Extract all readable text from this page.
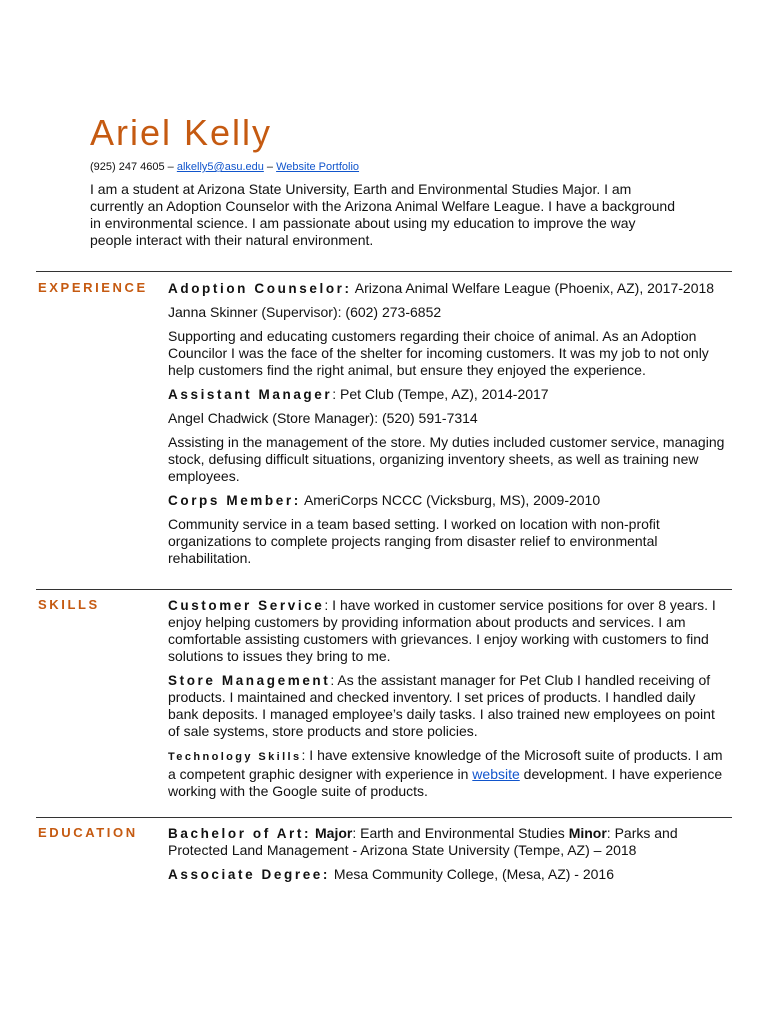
Ariel Kelly
(925) 247 4605 – alkelly5@asu.edu – Website Portfolio

I am a student at Arizona State University, Earth and Environmental Studies Major. I am currently an Adoption Counselor with the Arizona Animal Welfare League. I have a background in environmental science. I am passionate about using my education to improve the way people interact with their natural environment.

EXPERIENCE Adoption Counselor: Arizona Animal Welfare League (Phoenix, AZ), 2017-2018

Janna Skinner (Supervisor): (602) 273-6852

Supporting and educating customers regarding their choice of animal. As an Adoption Councilor I was the face of the shelter for incoming customers. It was my job to not only help customers find the right animal, but ensure they enjoyed the experience.

Assistant Manager: Pet Club (Tempe, AZ), 2014-2017

Angel Chadwick (Store Manager): (520) 591-7314

Assisting in the management of the store. My duties included customer service, managing stock, defusing difficult situations, organizing inventory sheets, as well as training new employees.

Corps Member: AmeriCorps NCCC (Vicksburg, MS), 2009-2010

Community service in a team based setting. I worked on location with non-profit organizations to complete projects ranging from disaster relief to environmental rehabilitation.

SKILLS	Customer Service: I have worked in customer service positions for over 8 years. I enjoy helping customers by providing information about products and services. I am comfortable assisting customers with grievances. I enjoy working with customers to find solutions to issues they bring to me.

Store Management: As the assistant manager for Pet Club I handled receiving of products. I maintained and checked inventory. I set prices of products. I handled daily bank deposits. I managed employee’s daily tasks. I also trained new employees on point of sale systems, store products and store policies.

Technology Skills: I have extensive knowledge of the Microsoft suite of products. I am a competent graphic designer with experience in website development. I have experience working with the Google suite of products.

EDUCATION Bachelor of Art: Major: Earth and Environmental Studies Minor: Parks and Protected Land Management - Arizona State University (Tempe, AZ) – 2018

Associate Degree: Mesa Community College, (Mesa, AZ) - 2016
